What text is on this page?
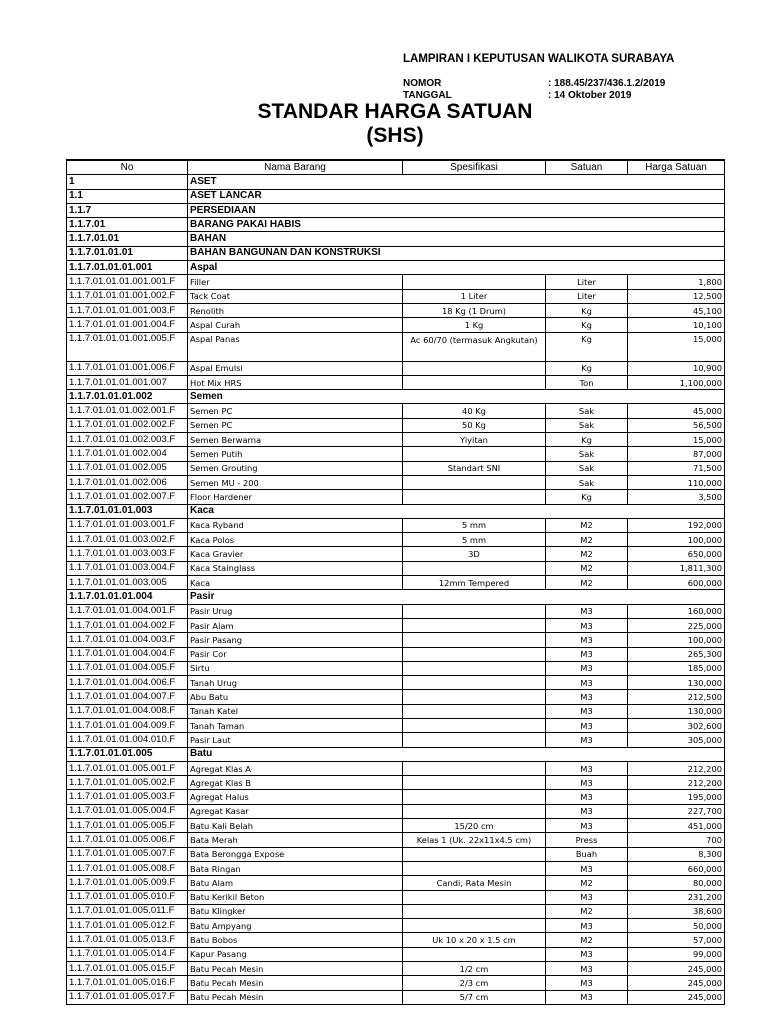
LAMPIRAN I KEPUTUSAN WALIKOTA SURABAYA
NOMOR	: 188.45/237/436.1.2/2019
TANGGAL	: 14 Oktober 2019
STANDAR HARGA SATUAN
(SHS)
No	Nama Barang	Spesifikasi	Satuan	Harga Satuan
1	ASET			
1.1	ASET LANCAR			
1.1.7	PERSEDIAAN			
1.1.7.01	BARANG PAKAI HABIS			
1.1.7.01.01	BAHAN			
1.1.7.01.01.01	BAHAN BANGUNAN DAN KONSTRUKSI			
1.1.7.01.01.01.001	Aspal			
1.1.7.01.01.01.001.001.F	Filler		Liter	1,800
1.1.7.01.01.01.001.002.F	Tack Coat	1 Liter	Liter	12,500
1.1.7.01.01.01.001.003.F	Renolith	18 Kg (1 Drum)	Kg	45,100
1.1.7.01.01.01.001.004.F	Aspal Curah	1 Kg	Kg	10,100
1.1.7.01.01.01.001.005.F	Aspal Panas	Ac 60/70 (termasuk Angkutan)	Kg	15,000
1.1.7.01.01.01.001.006.F	Aspal Emulsi		Kg	10,900
1.1.7.01.01.01.001.007	Hot Mix HRS		Ton	1,100,000
1.1.7.01.01.01.002	Semen			
1.1.7.01.01.01.002.001.F	Semen PC	40 Kg	Sak	45,000
1.1.7.01.01.01.002.002.F	Semen PC	50 Kg	Sak	56,500
1.1.7.01.01.01.002.003.F	Semen Berwarna	Yiyitan	Kg	15,000
1.1.7.01.01.01.002.004	Semen Putih		Sak	87,000
1.1.7.01.01.01.002.005	Semen Grouting	Standart SNI	Sak	71,500
1.1.7.01.01.01.002.006	Semen MU - 200		Sak	110,000
1.1.7.01.01.01.002.007.F	Floor Hardener		Kg	3,500
1.1.7.01.01.01.003	Kaca			
1.1.7.01.01.01.003.001.F	Kaca Ryband	5 mm	M2	192,000
1.1.7.01.01.01.003.002.F	Kaca Polos	5 mm	M2	100,000
1.1.7.01.01.01.003.003.F	Kaca Gravier	3D	M2	650,000
1.1.7.01.01.01.003.004.F	Kaca Stainglass		M2	1,811,300
1.1.7.01.01.01.003.005	Kaca	12mm Tempered	M2	600,000
1.1.7.01.01.01.004	Pasir			
1.1.7.01.01.01.004.001.F	Pasir Urug		M3	160,000
1.1.7.01.01.01.004.002.F	Pasir Alam		M3	225,000
1.1.7.01.01.01.004.003.F	Pasir Pasang		M3	100,000
1.1.7.01.01.01.004.004.F	Pasir Cor		M3	265,300
1.1.7.01.01.01.004.005.F	Sirtu		M3	185,000
1.1.7.01.01.01.004.006.F	Tanah Urug		M3	130,000
1.1.7.01.01.01.004.007.F	Abu Batu		M3	212,500
1.1.7.01.01.01.004.008.F	Tanah Katel		M3	130,000
1.1.7.01.01.01.004.009.F	Tanah Taman		M3	302,600
1.1.7.01.01.01.004.010.F	Pasir Laut		M3	305,000
1.1.7.01.01.01.005	Batu			
1.1.7.01.01.01.005.001.F	Agregat Klas A		M3	212,200
1.1.7.01.01.01.005.002.F	Agregat Klas B		M3	212,200
1.1.7.01.01.01.005.003.F	Agregat Halus		M3	195,000
1.1.7.01.01.01.005.004.F	Agregat Kasar		M3	227,700
1.1.7.01.01.01.005.005.F	Batu Kali Belah	15/20 cm	M3	451,000
1.1.7.01.01.01.005.006.F	Bata Merah	Kelas 1 (Uk. 22x11x4.5 cm)	Press	700
1.1.7.01.01.01.005.007.F	Bata Berongga Expose		Buah	8,300
1.1.7.01.01.01.005.008.F	Bata Ringan		M3	660,000
1.1.7.01.01.01.005.009.F	Batu Alam	Candi, Rata Mesin	M2	80,000
1.1.7.01.01.01.005.010.F	Batu Kerikil Beton		M3	231,200
1.1.7.01.01.01.005.011.F	Batu Klingker		M2	38,600
1.1.7.01.01.01.005.012.F	Batu Ampyang		M3	50,000
1.1.7.01.01.01.005.013.F	Batu Bobos	Uk 10 x 20 x 1.5 cm	M2	57,000
1.1.7.01.01.01.005.014.F	Kapur Pasang		M3	99,000
1.1.7.01.01.01.005.015.F	Batu Pecah Mesin	1/2 cm	M3	245,000
1.1.7.01.01.01.005.016.F	Batu Pecah Mesin	2/3 cm	M3	245,000
1.1.7.01.01.01.005.017.F	Batu Pecah Mesin	5/7 cm	M3	245,000
